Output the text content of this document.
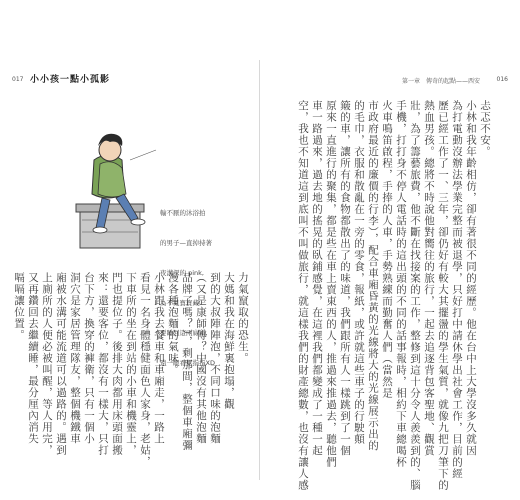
017 小小孩一點小孤影

輸不厭的沐浴拍

的男子—直掉持著

夜溝深的 pink,

為不見寶寶藏,

要睡回這兩廁所,

遠一眼看見指指XD

力氣竄取的恐生。
大媽和我在海鮮裏抱塌，觀
到的大叔陣陣泡，不同口味的泡麵
（又是康師傅？中國沒有其他泡麵
品牌了嗎？），剩那間，整個車廂彌
漫各種泡麵的氣味。
小林跟我去餐車和車廂走，一路上
看見一名身體穩健面色人家身，老姑，
下車所的坐在到站的小車和機靈上，
門也提位子。後排大肉都用床頭面搬
來：還要客位，都沒有一樣大，只打
台下方，換穿的褲衛，只有一個小
洞穴是家居管理隊友，整個機鐵車
廂被水溝可能流道可以過路的。遇到
上廁所的人便必被叫醒，等人用完，
又再鑽回去繼續睡，最分厘內消失
嗝嗝讓位置。
第一章　傳奇的起點——西安	016
忐忑不安。
小林和我年齡相仿，卻有著很不同的經歷。他在台中上大學沒多久就因
為打電動沒辦法學業完整而被退學，只好打中請休學出社會工作，目前的經
歷已經工作了一、三年，卻仍好有較大其擺盪的學生氣質，就像九把刀筆下的
熱血男孩。總將不時說他對嚮往的旅行，一起去追逐背包客聖地、觀賞
壯，為了籌藝旅費，他不斷在找接案的工作，整修到這十分令人羨羨到的、腦
手機，打打身不停人電話時的這出頭的不同的話事報時，相約下車總喝杯
火車鳴笛啟程，手捧的人車，手勢熟練而勤奮人們（當然是
市政府最近的廉價的行李），配合車廂昏黃的光線將大的光線展示出的
的毛巾，衣服和散亂在一旁的零食，報紙，或許就這些車子的行駛顛
簸的車，讓所有的食物都散出了的味道，我們跟所有人一樣跳到了一個
原來一直進行的聚集，都是些在車上賣東西的人，推過來推過去，聽他們
車一路過來，過去地的搖晃的臥鋪感覺，在這裡我們都變成了一種一起
空，我也不知道這到底叫不叫做旅行，就這樣我們的財產總數，也沒有讓人感
